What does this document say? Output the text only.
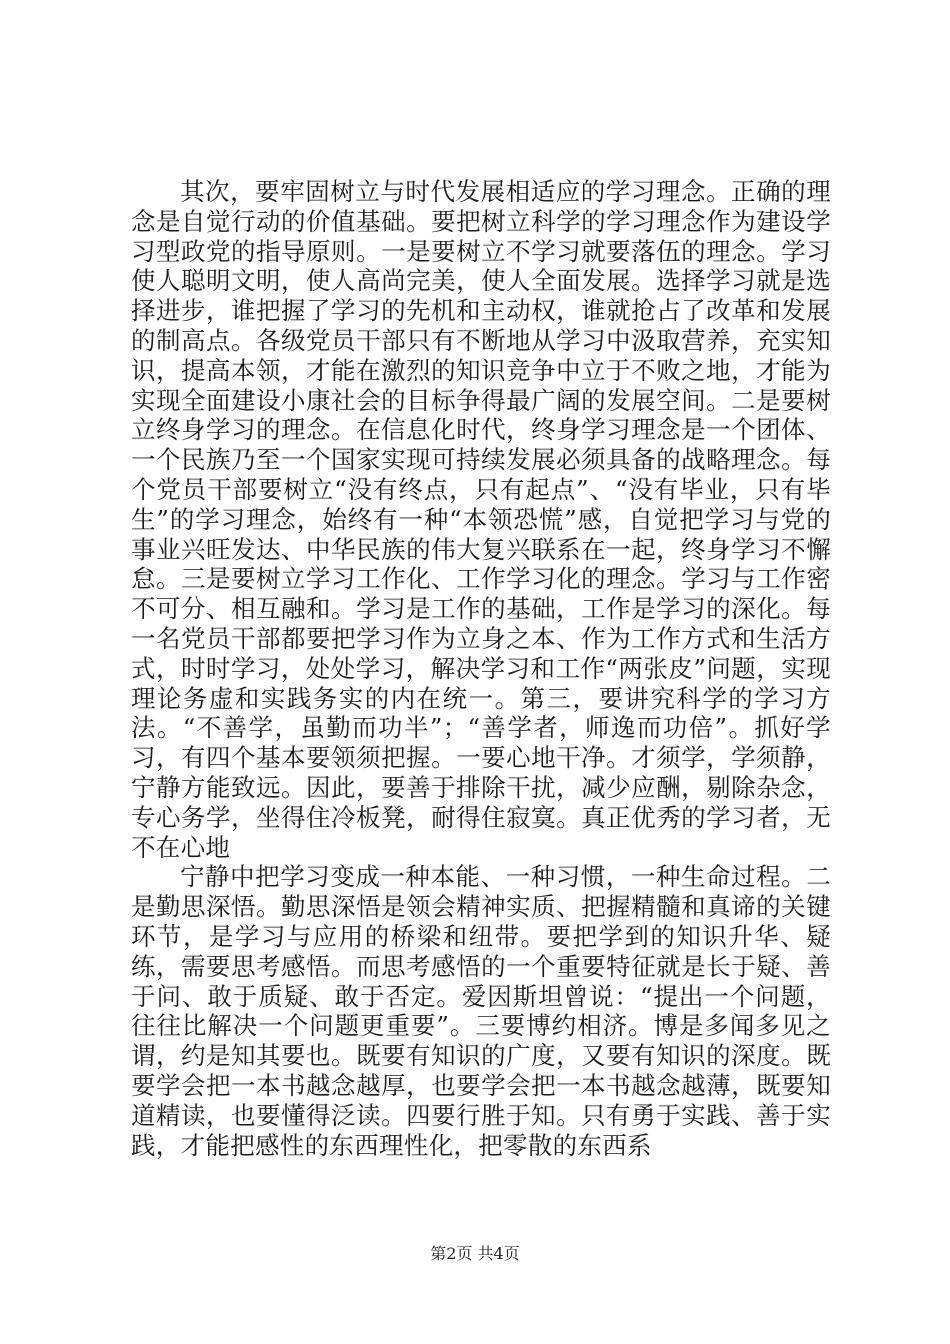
其次，要牢固树立与时代发展相适应的学习理念。正确的理念是自觉行动的价值基础。要把树立科学的学习理念作为建设学习型政党的指导原则。一是要树立不学习就要落伍的理念。学习使人聪明文明，使人高尚完美，使人全面发展。选择学习就是选择进步，谁把握了学习的先机和主动权，谁就抢占了改革和发展的制高点。各级党员干部只有不断地从学习中汲取营养，充实知识，提高本领，才能在激烈的知识竞争中立于不败之地，才能为实现全面建设小康社会的目标争得最广阔的发展空间。二是要树立终身学习的理念。在信息化时代，终身学习理念是一个团体、一个民族乃至一个国家实现可持续发展必须具备的战略理念。每个党员干部要树立“没有终点，只有起点”、“没有毕业，只有毕生”的学习理念，始终有一种“本领恐慌”感，自觉把学习与党的事业兴旺发达、中华民族的伟大复兴联系在一起，终身学习不懈怠。三是要树立学习工作化、工作学习化的理念。学习与工作密不可分、相互融和。学习是工作的基础，工作是学习的深化。每一名党员干部都要把学习作为立身之本、作为工作方式和生活方式，时时学习，处处学习，解决学习和工作“两张皮”问题，实现理论务虚和实践务实的内在统一。第三，要讲究科学的学习方法。“不善学，虽勤而功半”；“善学者，师逸而功倍”。抓好学习，有四个基本要领须把握。一要心地干净。才须学，学须静，宁静方能致远。因此，要善于排除干扰，减少应酬，剔除杂念，专心务学，坐得住冷板凳，耐得住寂寞。真正优秀的学习者，无不在心地

宁静中把学习变成一种本能、一种习惯，一种生命过程。二是勤思深悟。勤思深悟是领会精神实质、把握精髓和真谛的关键环节，是学习与应用的桥梁和纽带。要把学到的知识升华、疑练，需要思考感悟。而思考感悟的一个重要特征就是长于疑、善于问、敢于质疑、敢于否定。爱因斯坦曾说：“提出一个问题，往往比解决一个问题更重要”。三要博约相济。博是多闻多见之谓，约是知其要也。既要有知识的广度，又要有知识的深度。既要学会把一本书越念越厚，也要学会把一本书越念越薄，既要知道精读，也要懂得泛读。四要行胜于知。只有勇于实践、善于实践，才能把感性的东西理性化，把零散的东西系

第2页 共4页
